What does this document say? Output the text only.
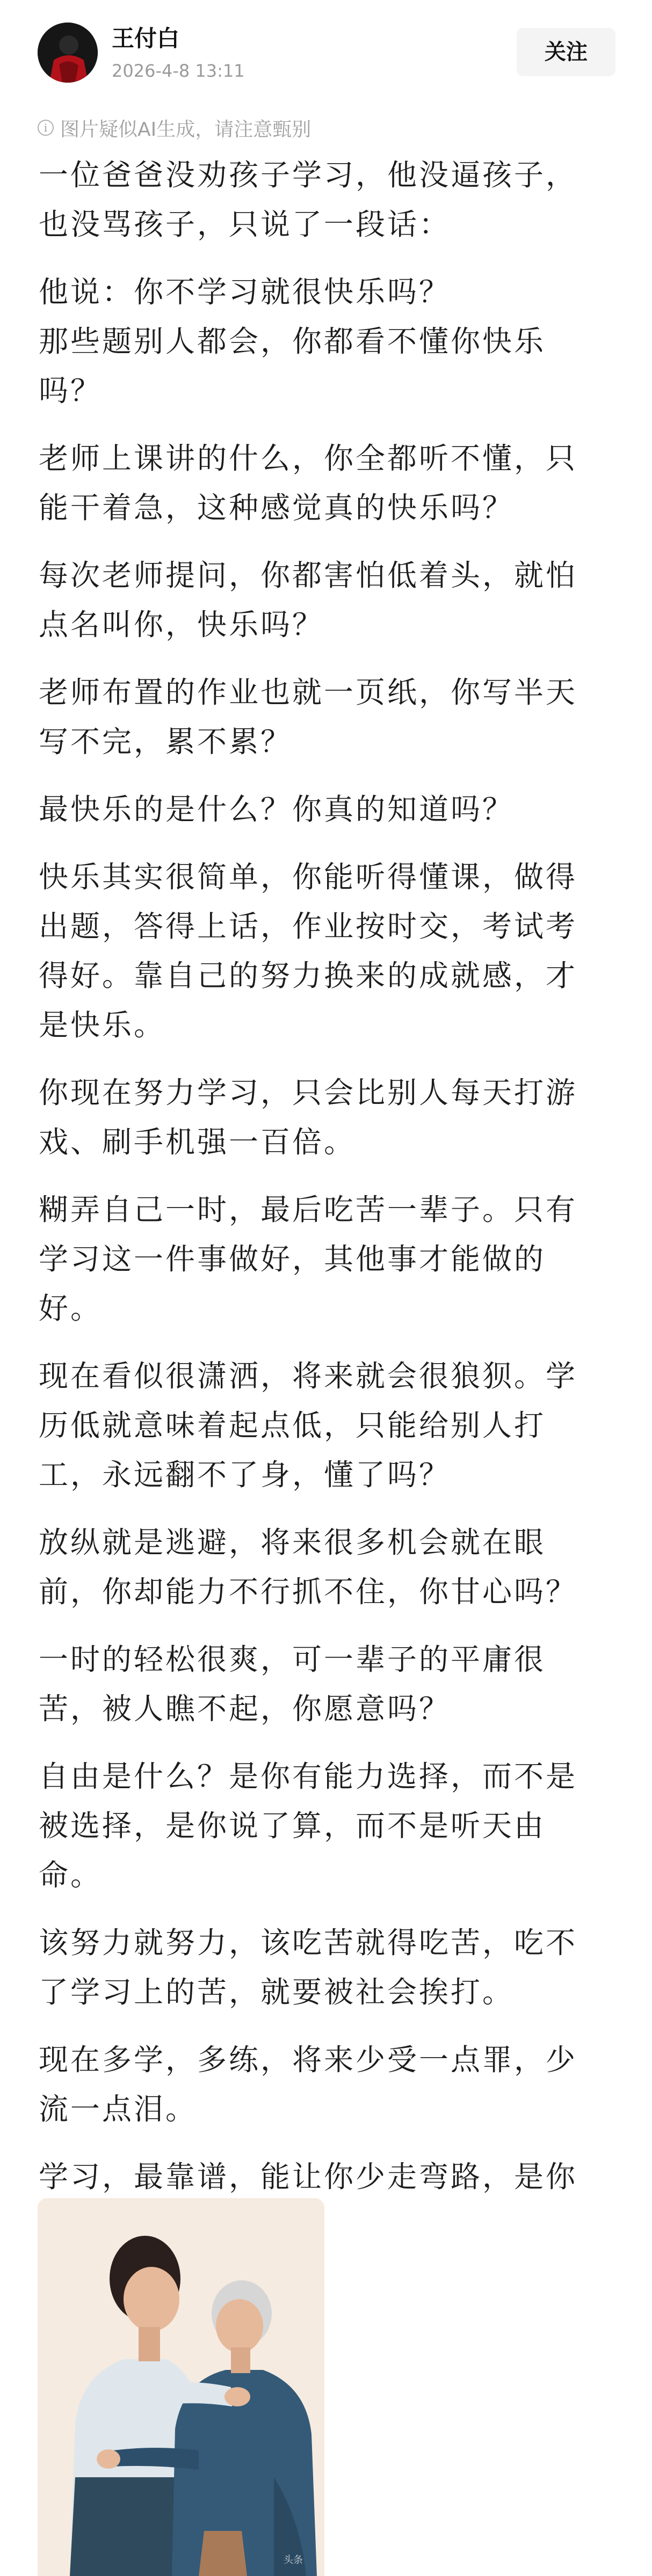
王付白
2026-4-8 13:11
关注
i 图片疑似AI生成，请注意甄别

一位爸爸没劝孩子学习，他没逼孩子，
也没骂孩子，只说了一段话：

他说：你不学习就很快乐吗？
那些题别人都会，你都看不懂你快乐
吗？

老师上课讲的什么，你全都听不懂，只
能干着急，这种感觉真的快乐吗？

每次老师提问，你都害怕低着头，就怕
点名叫你，快乐吗？

老师布置的作业也就一页纸，你写半天
写不完，累不累？

最快乐的是什么？你真的知道吗？

快乐其实很简单，你能听得懂课，做得
出题，答得上话，作业按时交，考试考
得好。靠自己的努力换来的成就感，才
是快乐。

你现在努力学习，只会比别人每天打游
戏、刷手机强一百倍。

糊弄自己一时，最后吃苦一辈子。只有
学习这一件事做好，其他事才能做的
好。

现在看似很潇洒，将来就会很狼狈。学
历低就意味着起点低，只能给别人打
工，永远翻不了身，懂了吗？

放纵就是逃避，将来很多机会就在眼
前，你却能力不行抓不住，你甘心吗？

一时的轻松很爽，可一辈子的平庸很
苦，被人瞧不起，你愿意吗？

自由是什么？是你有能力选择，而不是
被选择，是你说了算，而不是听天由
命。

该努力就努力，该吃苦就得吃苦，吃不
了学习上的苦，就要被社会挨打。

现在多学，多练，将来少受一点罪，少
流一点泪。

学习，最靠谱，能让你少走弯路，是你

头条
